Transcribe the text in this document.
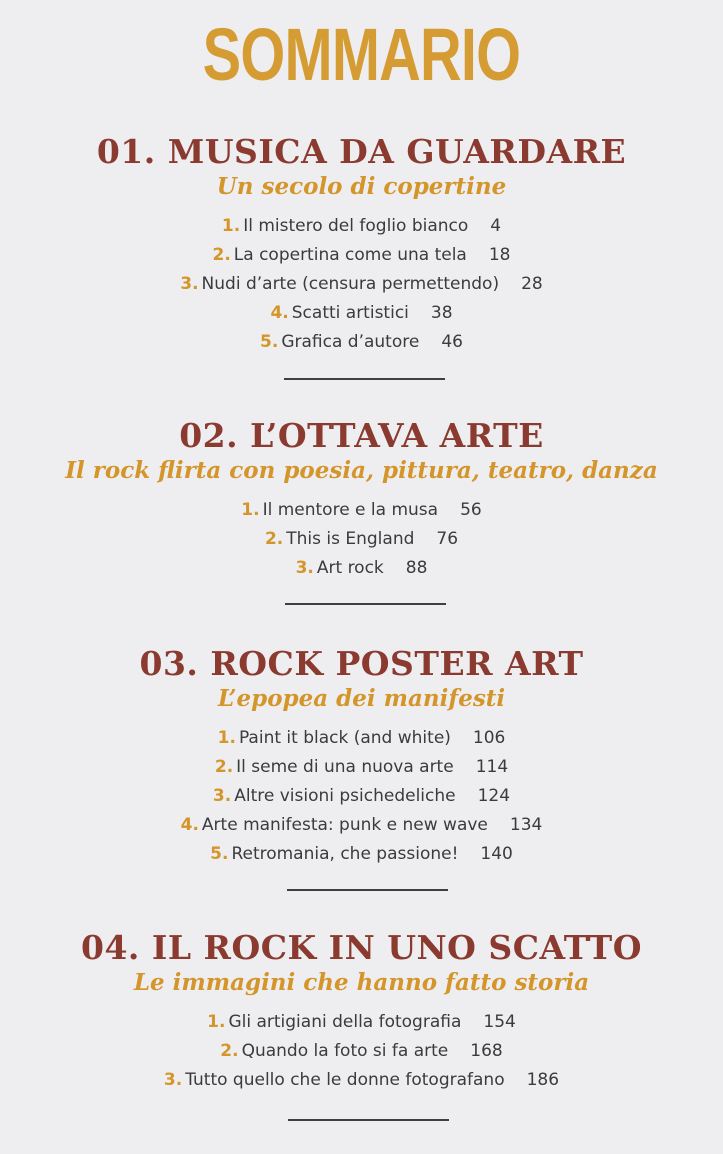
SOMMARIO
01. MUSICA DA GUARDARE
Un secolo di copertine
1. Il mistero del foglio bianco 4
2. La copertina come una tela 18
3. Nudi d’arte (censura permettendo) 28
4. Scatti artistici 38
5. Grafica d’autore 46
02. L’OTTAVA ARTE
Il rock flirta con poesia, pittura, teatro, danza
1. Il mentore e la musa 56
2. This is England 76
3. Art rock 88
03. ROCK POSTER ART
L’epopea dei manifesti
1. Paint it black (and white) 106
2. Il seme di una nuova arte 114
3. Altre visioni psichedeliche 124
4. Arte manifesta: punk e new wave 134
5. Retromania, che passione! 140
04. IL ROCK IN UNO SCATTO
Le immagini che hanno fatto storia
1. Gli artigiani della fotografia 154
2. Quando la foto si fa arte 168
3. Tutto quello che le donne fotografano 186
